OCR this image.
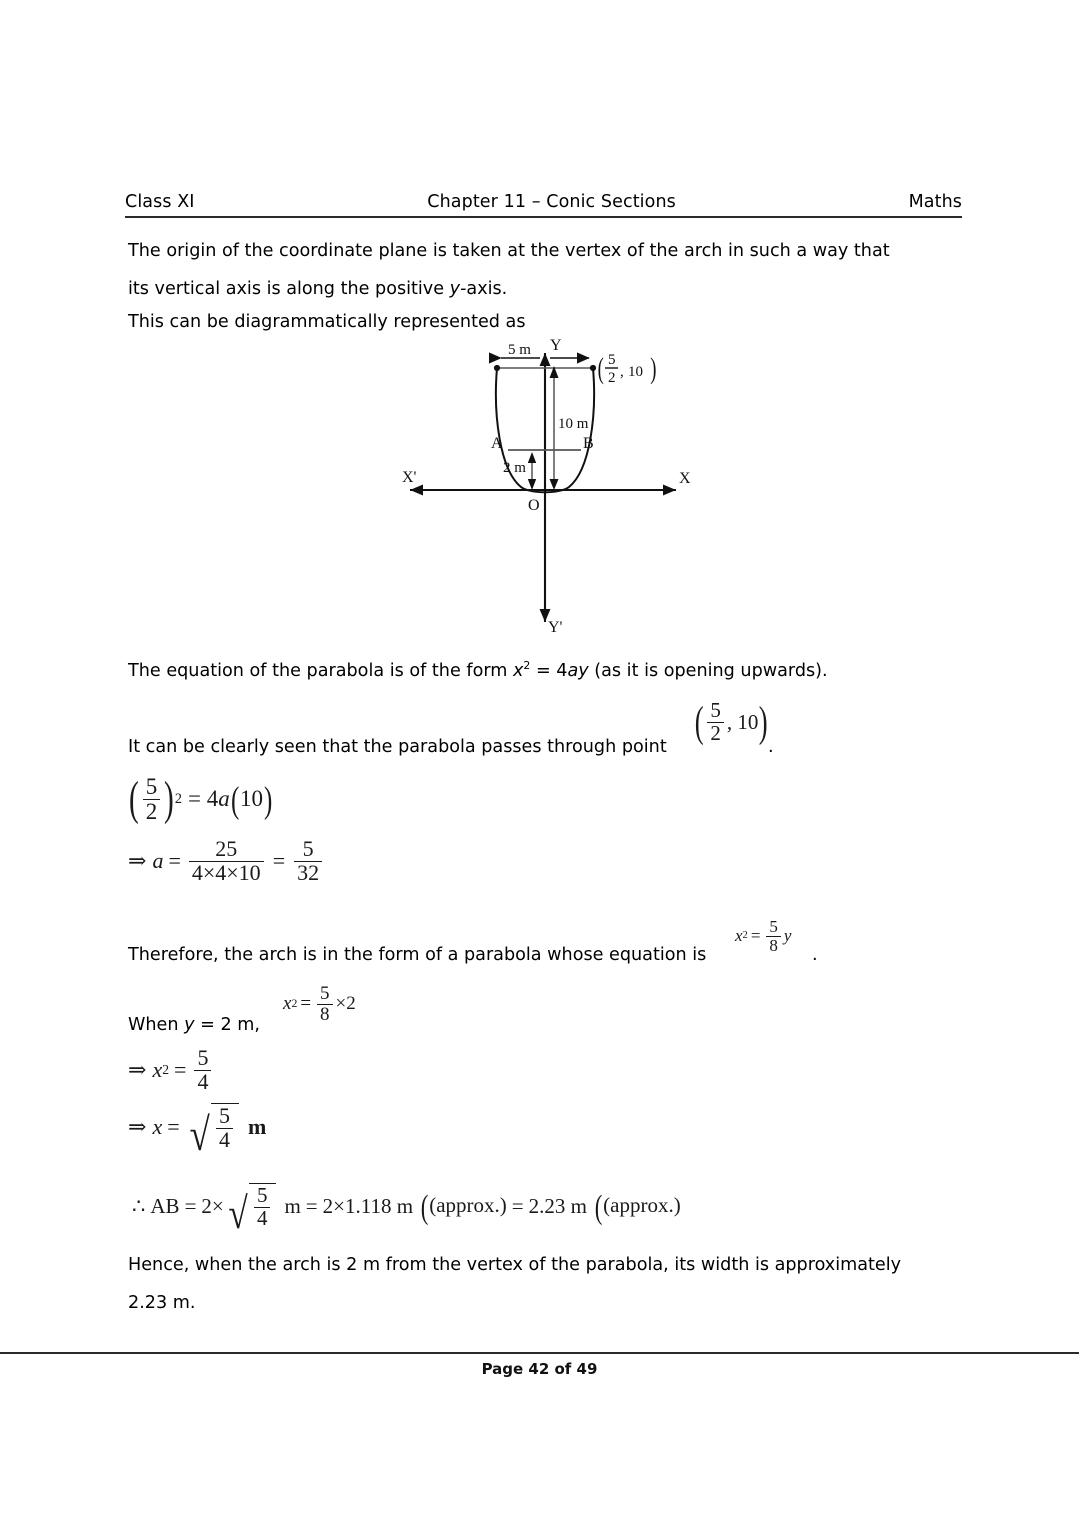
Class XI	Chapter 11 – Conic Sections	Maths
The origin of the coordinate plane is taken at the vertex of the arch in such a way that
its vertical axis is along the positive y-axis.
This can be diagrammatically represented as
5 m Y
10 m
2 m
A	B
O
X'	X
Y'
( 5
2 , 10 )
The equation of the parabola is of the form $x^2 = 4ay$ (as it is opening upwards).
It can be clearly seen that the parabola passes through point
( $\frac{5}{2}$ , 10 )
.
( $\frac{5}{2}$ ) 2 = 4 a ( 10 )
⇒ $a = \frac{25}{4\times 4\times 10} = \frac{5}{32}$
Therefore, the arch is in the form of a parabola whose equation is
x $2 = \frac{5}{8}$ y
.
When y = 2 m,
x $2 = \frac{5}{8} \times 2$
⇒ x $2 = \frac{5}{4}$
⇒ x = √ $\frac{5}{4}$ m
∴ AB = 2× √ $\frac{5}{4}$ m = 2×1.118 m ((approx.) = 2.23 m ((approx.)
Hence, when the arch is 2 m from the vertex of the parabola, its width is approximately
2.23 m.
Page 42 of 49
